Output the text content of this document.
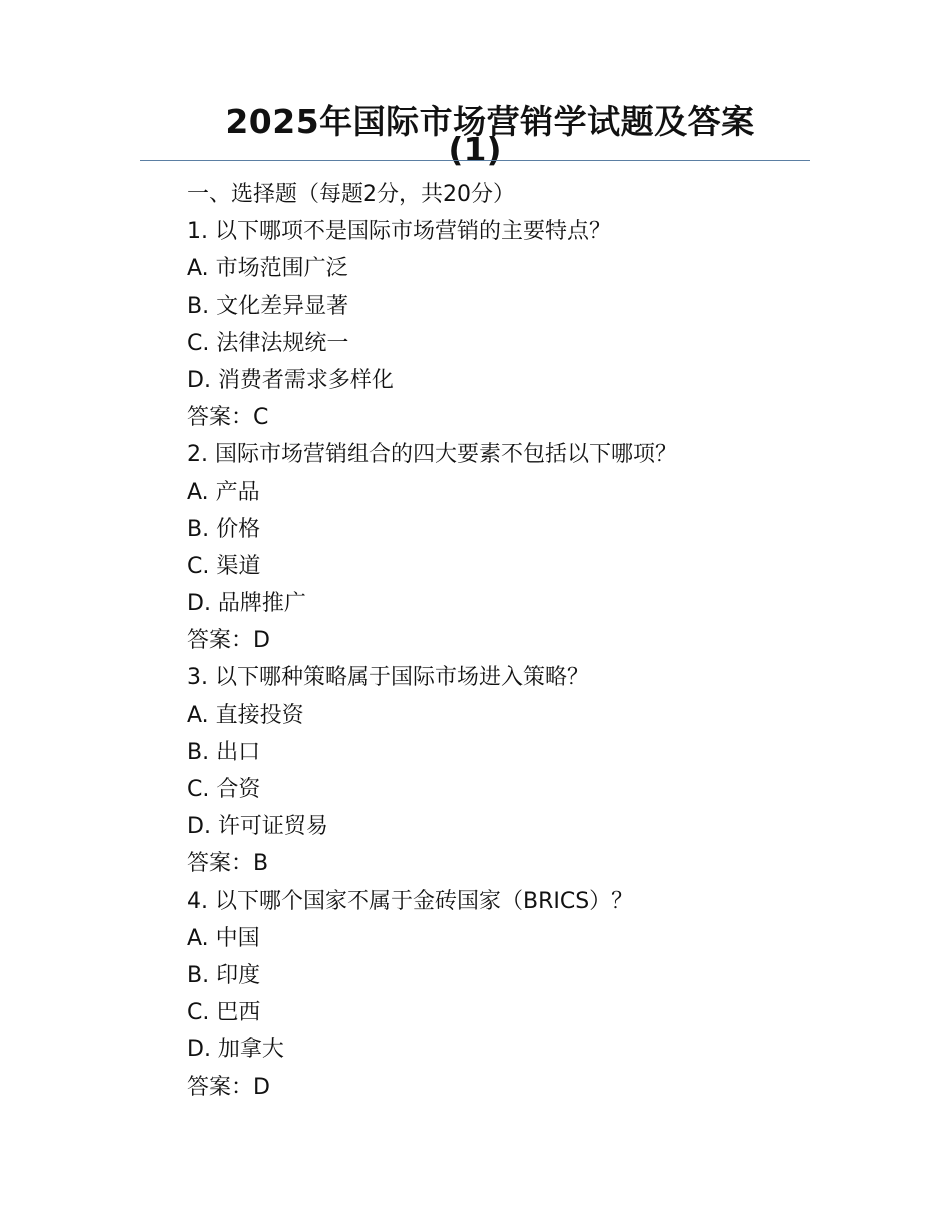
2025年国际市场营销学试题及答案
(1)
一、选择题（每题2分，共20分）
1. 以下哪项不是国际市场营销的主要特点？
A. 市场范围广泛
B. 文化差异显著
C. 法律法规统一
D. 消费者需求多样化
答案：C
2. 国际市场营销组合的四大要素不包括以下哪项？
A. 产品
B. 价格
C. 渠道
D. 品牌推广
答案：D
3. 以下哪种策略属于国际市场进入策略？
A. 直接投资
B. 出口
C. 合资
D. 许可证贸易
答案：B
4. 以下哪个国家不属于金砖国家（BRICS）？
A. 中国
B. 印度
C. 巴西
D. 加拿大
答案：D
